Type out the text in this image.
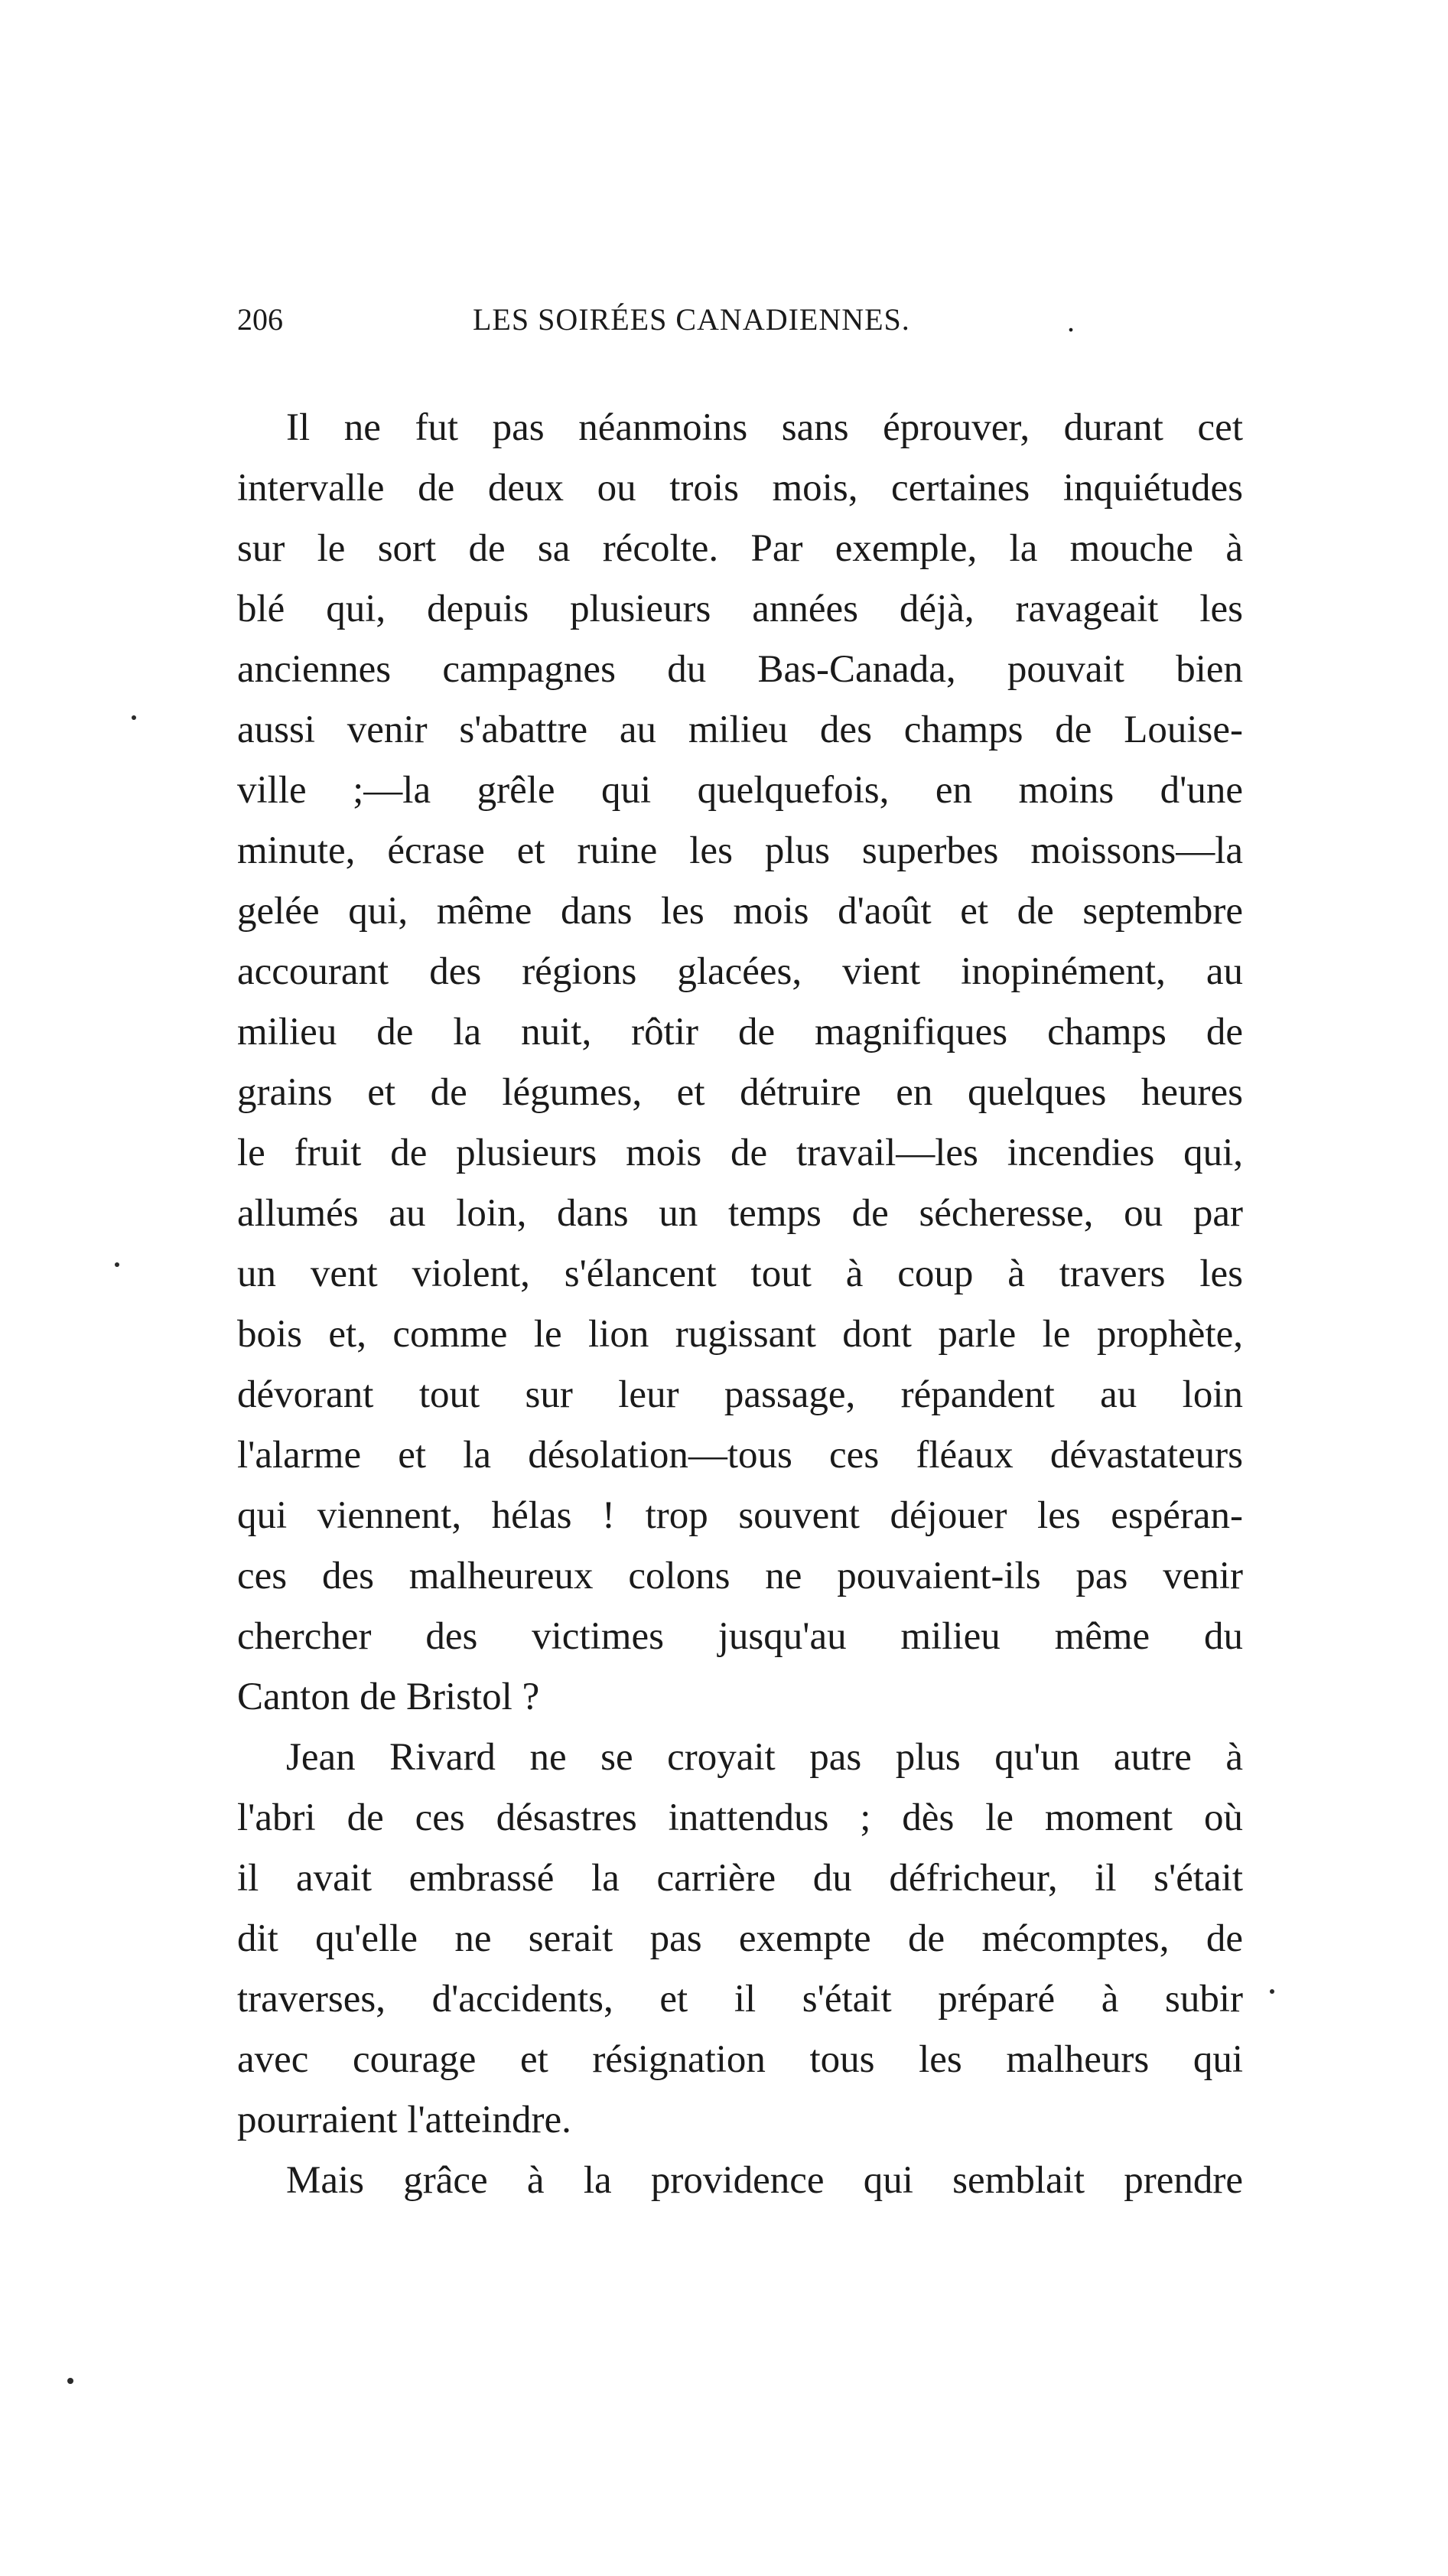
206	LES SOIRÉES CANADIENNES.	.
Il ne fut pas néanmoins sans éprouver, durant cet
intervalle de deux ou trois mois, certaines inquiétudes
sur le sort de sa récolte. Par exemple, la mouche à
blé qui, depuis plusieurs années déjà, ravageait les
anciennes campagnes du Bas-Canada, pouvait bien
aussi venir s'abattre au milieu des champs de Louise-
ville ;—la grêle qui quelquefois, en moins d'une
minute, écrase et ruine les plus superbes moissons—la
gelée qui, même dans les mois d'août et de septembre
accourant des régions glacées, vient inopinément, au
milieu de la nuit, rôtir de magnifiques champs de
grains et de légumes, et détruire en quelques heures
le fruit de plusieurs mois de travail—les incendies qui,
allumés au loin, dans un temps de sécheresse, ou par
un vent violent, s'élancent tout à coup à travers les
bois et, comme le lion rugissant dont parle le prophète,
dévorant tout sur leur passage, répandent au loin
l'alarme et la désolation—tous ces fléaux dévastateurs
qui viennent, hélas ! trop souvent déjouer les espéran-
ces des malheureux colons ne pouvaient-ils pas venir
chercher des victimes jusqu'au milieu même du
Canton de Bristol ?
Jean Rivard ne se croyait pas plus qu'un autre à
l'abri de ces désastres inattendus ; dès le moment où
il avait embrassé la carrière du défricheur, il s'était
dit qu'elle ne serait pas exempte de mécomptes, de
traverses, d'accidents, et il s'était préparé à subir
avec courage et résignation tous les malheurs qui
pourraient l'atteindre.
Mais grâce à la providence qui semblait prendre
